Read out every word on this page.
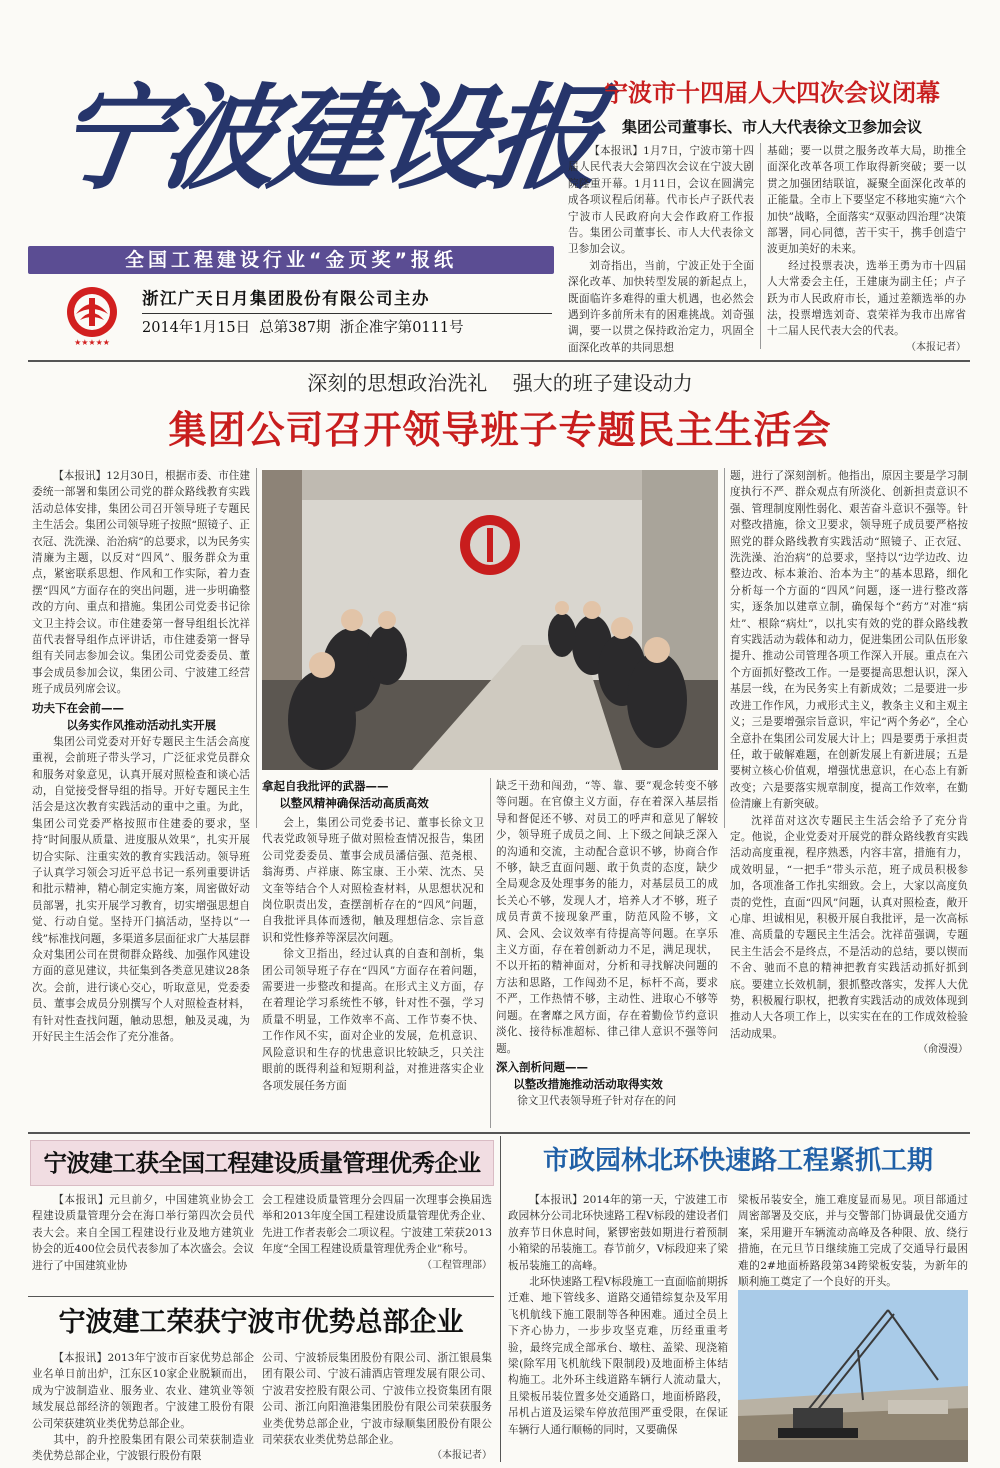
宁波建设报
全国工程建设行业“金页奖”报纸
★★★★★
浙江广天日月集团股份有限公司主办
2014年1月15日  总第387期  浙企准字第0111号
宁波市十四届人大四次会议闭幕
集团公司董事长、市人大代表徐文卫参加会议

【本报讯】1月7日，宁波市第十四届人民代表大会第四次会议在宁波大剧院隆重开幕。1月11日，会议在圆满完成各项议程后闭幕。代市长卢子跃代表宁波市人民政府向大会作政府工作报告。集团公司董事长、市人大代表徐文卫参加会议。

刘奇指出，当前，宁波正处于全面深化改革、加快转型发展的新起点上，既面临许多难得的重大机遇，也必然会遇到许多前所未有的困难挑战。刘奇强调，要一以贯之保持政治定力，巩固全面深化改革的共同思想

基础；要一以贯之服务改革大局，助推全面深化改革各项工作取得新突破；要一以贯之加强团结联谊，凝聚全面深化改革的正能量。全市上下要坚定不移地实施“六个加快”战略，全面落实“双驱动四治理”决策部署，同心同德，苦干实干，携手创造宁波更加美好的未来。

经过投票表决，选举王勇为市十四届人大常委会主任，王建康为副主任；卢子跃为市人民政府市长，通过差额选举的办法，投票增选刘奇、袁荣祥为我市出席省十二届人民代表大会的代表。

（本报记者）
深刻的思想政治洗礼    强大的班子建设动力
集团公司召开领导班子专题民主生活会

【本报讯】12月30日，根据市委、市住建委统一部署和集团公司党的群众路线教育实践活动总体安排，集团公司召开领导班子专题民主生活会。集团公司领导班子按照“照镜子、正衣冠、洗洗澡、治治病”的总要求，以为民务实清廉为主题，以反对“四风”、服务群众为重点，紧密联系思想、作风和工作实际，着力查摆“四风”方面存在的突出问题，进一步明确整改的方向、重点和措施。集团公司党委书记徐文卫主持会议。市住建委第一督导组组长沈祥苗代表督导组作点评讲话，市住建委第一督导组有关同志参加会议。集团公司党委委员、董事会成员参加会议，集团公司、宁波建工经营班子成员列席会议。

功夫下在会前——
以务实作风推动活动扎实开展

集团公司党委对开好专题民主生活会高度重视，会前班子带头学习，广泛征求党员群众和服务对象意见，认真开展对照检查和谈心活动，自觉接受督导组的指导。开好专题民主生活会是这次教育实践活动的重中之重。为此，集团公司党委严格按照市住建委的要求，坚持“时间服从质量、进度服从效果”，扎实开展切合实际、注重实效的教育实践活动。领导班子认真学习领会习近平总书记一系列重要讲话和批示精神，精心制定实施方案，周密做好动员部署，扎实开展学习教育，切实增强思想自觉、行动自觉。坚持开门搞活动，坚持以“一线”标准找问题，多渠道多层面征求广大基层群众对集团公司在贯彻群众路线、加强作风建设方面的意见建议，共征集到各类意见建议28条次。会前，进行谈心交心，听取意见，党委委员、董事会成员分别撰写个人对照检查材料，有针对性查找问题，触动思想，触及灵魂，为开好民主生活会作了充分准备。

拿起自我批评的武器——
以整风精神确保活动高质高效

会上，集团公司党委书记、董事长徐文卫代表党政领导班子做对照检查情况报告，集团公司党委委员、董事会成员潘信强、范尧根、翁海勇、卢祥康、陈宝康、王小荣、沈杰、吴文奎等结合个人对照检查材料，从思想状况和岗位职责出发，查摆剖析存在的“四风”问题，自我批评具体而透彻，触及理想信念、宗旨意识和党性修养等深层次问题。

徐文卫指出，经过认真的自查和剖析，集团公司领导班子存在“四风”方面存在着问题，需要进一步整改和提高。在形式主义方面，存在着理论学习系统性不够，针对性不强，学习质量不明显，工作效率不高、工作节奏不快、工作作风不实，面对企业的发展，危机意识、风险意识和生存的忧患意识比较缺乏，只关注眼前的既得利益和短期利益，对推进落实企业各项发展任务方面

缺乏干劲和闯劲，“等、靠、要”观念转变不够等问题。在官僚主义方面，存在着深入基层指导和督促还不够、对员工的呼声和意见了解较少，领导班子成员之间、上下级之间缺乏深入的沟通和交流，主动配合意识不够，协商合作不够，缺乏直面问题、敢于负责的态度，缺少全局观念及处理事务的能力，对基层员工的成长关心不够，发现人才，培养人才不够，班子成员青黄不接现象严重，防范风险不够，文风、会风、会议效率有待提高等问题。在享乐主义方面，存在着创新动力不足，满足现状，不以开拓的精神面对，分析和寻找解决问题的方法和思路，工作闯劲不足，标杆不高，要求不严，工作热情不够，主动性、进取心不够等问题。在奢靡之风方面，存在着勤俭节约意识淡化、接待标准超标、律己律人意识不强等问题。

深入剖析问题——
以整改措施推动活动取得实效

徐文卫代表领导班子针对存在的问

题，进行了深刻剖析。他指出，原因主要是学习制度执行不严、群众观点有所淡化、创新担责意识不强、管理制度刚性弱化、艰苦奋斗意识不强等。针对整改措施，徐文卫要求，领导班子成员要严格按照党的群众路线教育实践活动“照镜子、正衣冠、洗洗澡、治治病”的总要求，坚持以“边学边改、边整边改、标本兼治、治本为主”的基本思路，细化分析每一个方面的“四风”问题，逐一进行整改落实，逐条加以建章立制，确保每个“药方”对准“病灶”、根除“病灶”，以扎实有效的党的群众路线教育实践活动为载体和动力，促进集团公司队伍形象提升、推动公司管理各项工作深入开展。重点在六个方面抓好整改工作。一是要提高思想认识，深入基层一线，在为民务实上有新成效；二是要进一步改进工作作风，力戒形式主义，教条主义和主观主义；三是要增强宗旨意识，牢记“两个务必”，全心全意扑在集团公司发展大计上；四是要勇于承担责任，敢于破解难题，在创新发展上有新进展；五是要树立核心价值观，增强忧患意识，在心态上有新改变；六是要落实规章制度，提高工作效率，在勤俭清廉上有新突破。

沈祥苗对这次专题民主生活会给予了充分肯定。他说，企业党委对开展党的群众路线教育实践活动高度重视，程序熟悉，内容丰富，措施有力，成效明显，“一把手”带头示范，班子成员积极参加，各项准备工作扎实细致。会上，大家以高度负责的党性，直面“四风”问题，认真对照检查，敞开心扉、坦诚相见，积极开展自我批评，是一次高标准、高质量的专题民主生活会。沈祥苗强调，专题民主生活会不是终点，不是活动的总结，要以锲而不舍、驰而不息的精神把教育实践活动抓好抓到底。要建立长效机制，狠抓整改落实，发挥人大优势，积极履行职权，把教育实践活动的成效体现到推动人大各项工作上，以实实在在的工作成效检验活动成果。

（俞漫漫）
宁波建工获全国工程建设质量管理优秀企业

【本报讯】元旦前夕，中国建筑业协会工程建设质量管理分会在海口举行第四次会员代表大会。来自全国工程建设行业及地方建筑业协会的近400位会员代表参加了本次盛会。会议进行了中国建筑业协

会工程建设质量管理分会四届一次理事会换届选举和2013年度全国工程建设质量管理优秀企业、先进工作者表彰会二项议程。宁波建工荣获2013年度“全国工程建设质量管理优秀企业”称号。

（工程管理部）
宁波建工荣获宁波市优势总部企业

【本报讯】2013年宁波市百家优势总部企业名单日前出炉，江东区10家企业脱颖而出，成为宁波制造业、服务业、农业、建筑业等领域发展总部经济的领跑者。宁波建工股份有限公司荣获建筑业类优势总部企业。

其中，韵升控股集团有限公司荣获制造业类优势总部企业，宁波银行股份有限

公司、宁波轿辰集团股份有限公司、浙江银晨集团有限公司、宁波石浦酒店管理发展有限公司、宁波君安控股有限公司、宁波伟立投资集团有限公司、浙江向阳渔港集团股份有限公司荣获服务业类优势总部企业，宁波市绿顺集团股份有限公司荣获农业类优势总部企业。

（本报记者）
市政园林北环快速路工程紧抓工期

【本报讯】2014年的第一天，宁波建工市政园林分公司北环快速路工程V标段的建设者们放弃节日休息时间，紧锣密鼓如期进行着预制小箱梁的吊装施工。春节前夕，V标段迎来了梁板吊装施工的高峰。

北环快速路工程V标段施工一直面临前期拆迁难、地下管线多、道路交通错综复杂及军用飞机航线下施工限制等各种困难。通过全员上下齐心协力，一步步攻坚克难，历经重重考验，最终完成全部承台、墩柱、盖梁、现浇箱梁(除军用飞机航线下限制段)及地面桥主体结构施工。北外环主线道路车辆行人流动量大，且梁板吊装位置多处交通路口，地面桥路段，吊机占道及运梁车停放范围严重受限，在保证车辆行人通行顺畅的同时，又要确保

梁板吊装安全，施工难度显而易见。项目部通过周密部署及交底，并与交警部门协调最优交通方案，采用避开车辆流动高峰及各种限、放、绕行措施，在元旦节日继续施工完成了交通导行最困难的2#地面桥路段第34跨梁板安装，为新年的顺利施工奠定了一个良好的开头。
